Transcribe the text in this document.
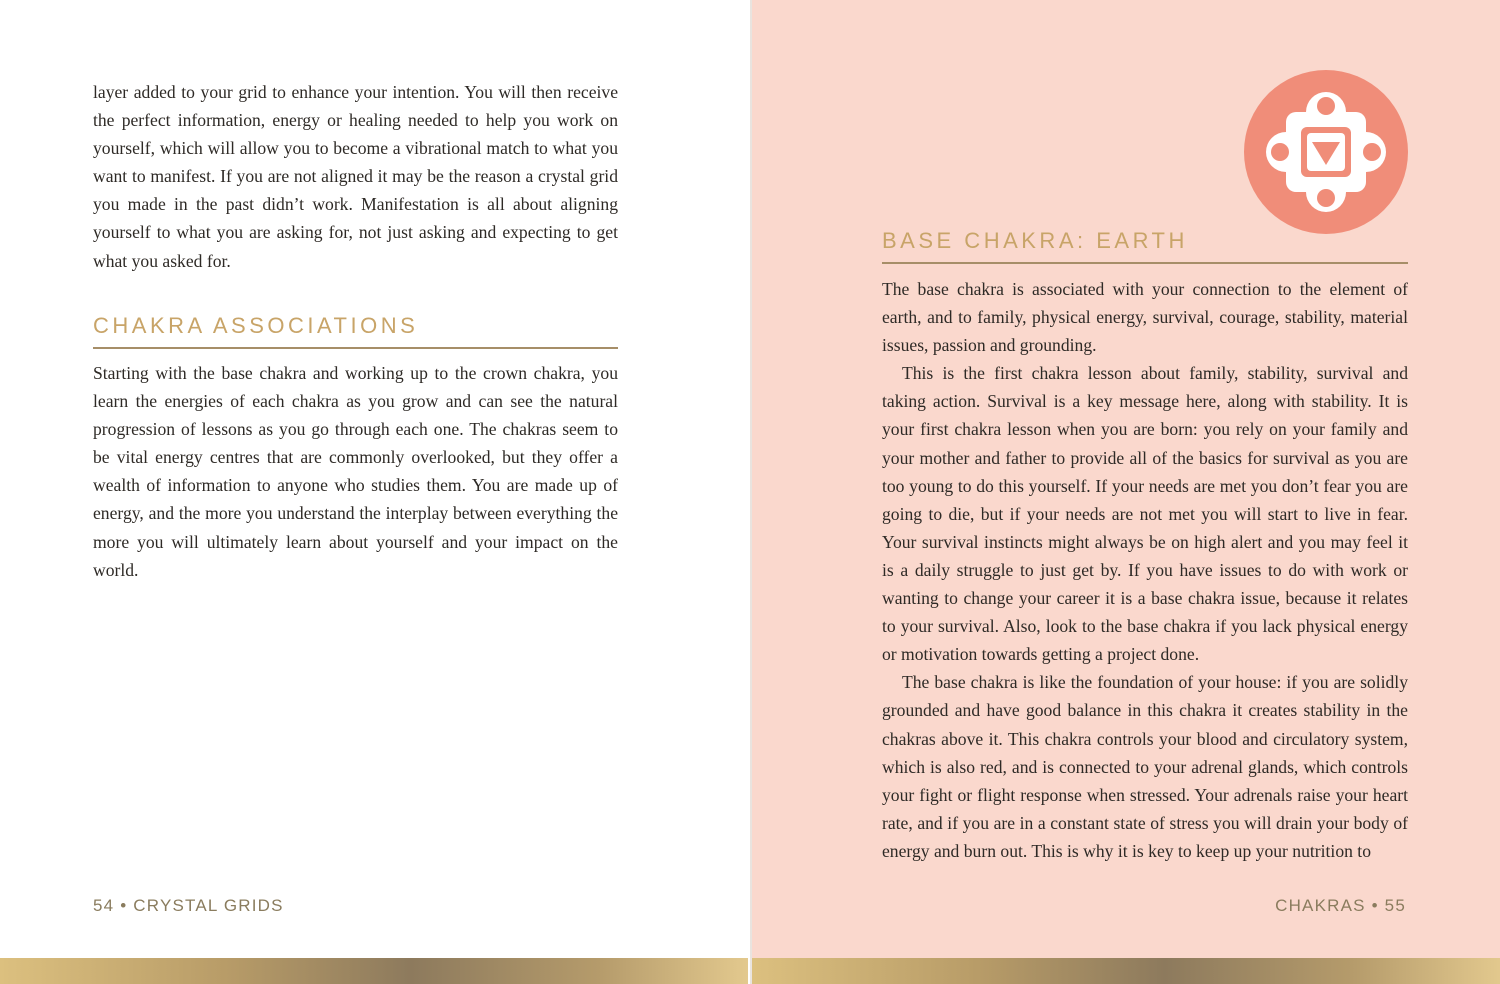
layer added to your grid to enhance your intention. You will then receive the perfect information, energy or healing needed to help you work on yourself, which will allow you to become a vibrational match to what you want to manifest. If you are not aligned it may be the reason a crystal grid you made in the past didn’t work. Manifestation is all about aligning yourself to what you are asking for, not just asking and expecting to get what you asked for.

CHAKRA ASSOCIATIONS

Starting with the base chakra and working up to the crown chakra, you learn the energies of each chakra as you grow and can see the natural progression of lessons as you go through each one. The chakras seem to be vital energy centres that are commonly overlooked, but they offer a wealth of information to anyone who studies them. You are made up of energy, and the more you understand the interplay between everything the more you will ultimately learn about yourself and your impact on the world.

54 • CRYSTAL GRIDS
BASE CHAKRA: EARTH

The base chakra is associated with your connection to the element of earth, and to family, physical energy, survival, courage, stability, material issues, passion and grounding.

This is the first chakra lesson about family, stability, survival and taking action. Survival is a key message here, along with stability. It is your first chakra lesson when you are born: you rely on your family and your mother and father to provide all of the basics for survival as you are too young to do this yourself. If your needs are met you don’t fear you are going to die, but if your needs are not met you will start to live in fear. Your survival instincts might always be on high alert and you may feel it is a daily struggle to just get by. If you have issues to do with work or wanting to change your career it is a base chakra issue, because it relates to your survival. Also, look to the base chakra if you lack physical energy or motivation towards getting a project done.

The base chakra is like the foundation of your house: if you are solidly grounded and have good balance in this chakra it creates stability in the chakras above it. This chakra controls your blood and circulatory system, which is also red, and is connected to your adrenal glands, which controls your fight or flight response when stressed. Your adrenals raise your heart rate, and if you are in a constant state of stress you will drain your body of energy and burn out. This is why it is key to keep up your nutrition to

CHAKRAS • 55
